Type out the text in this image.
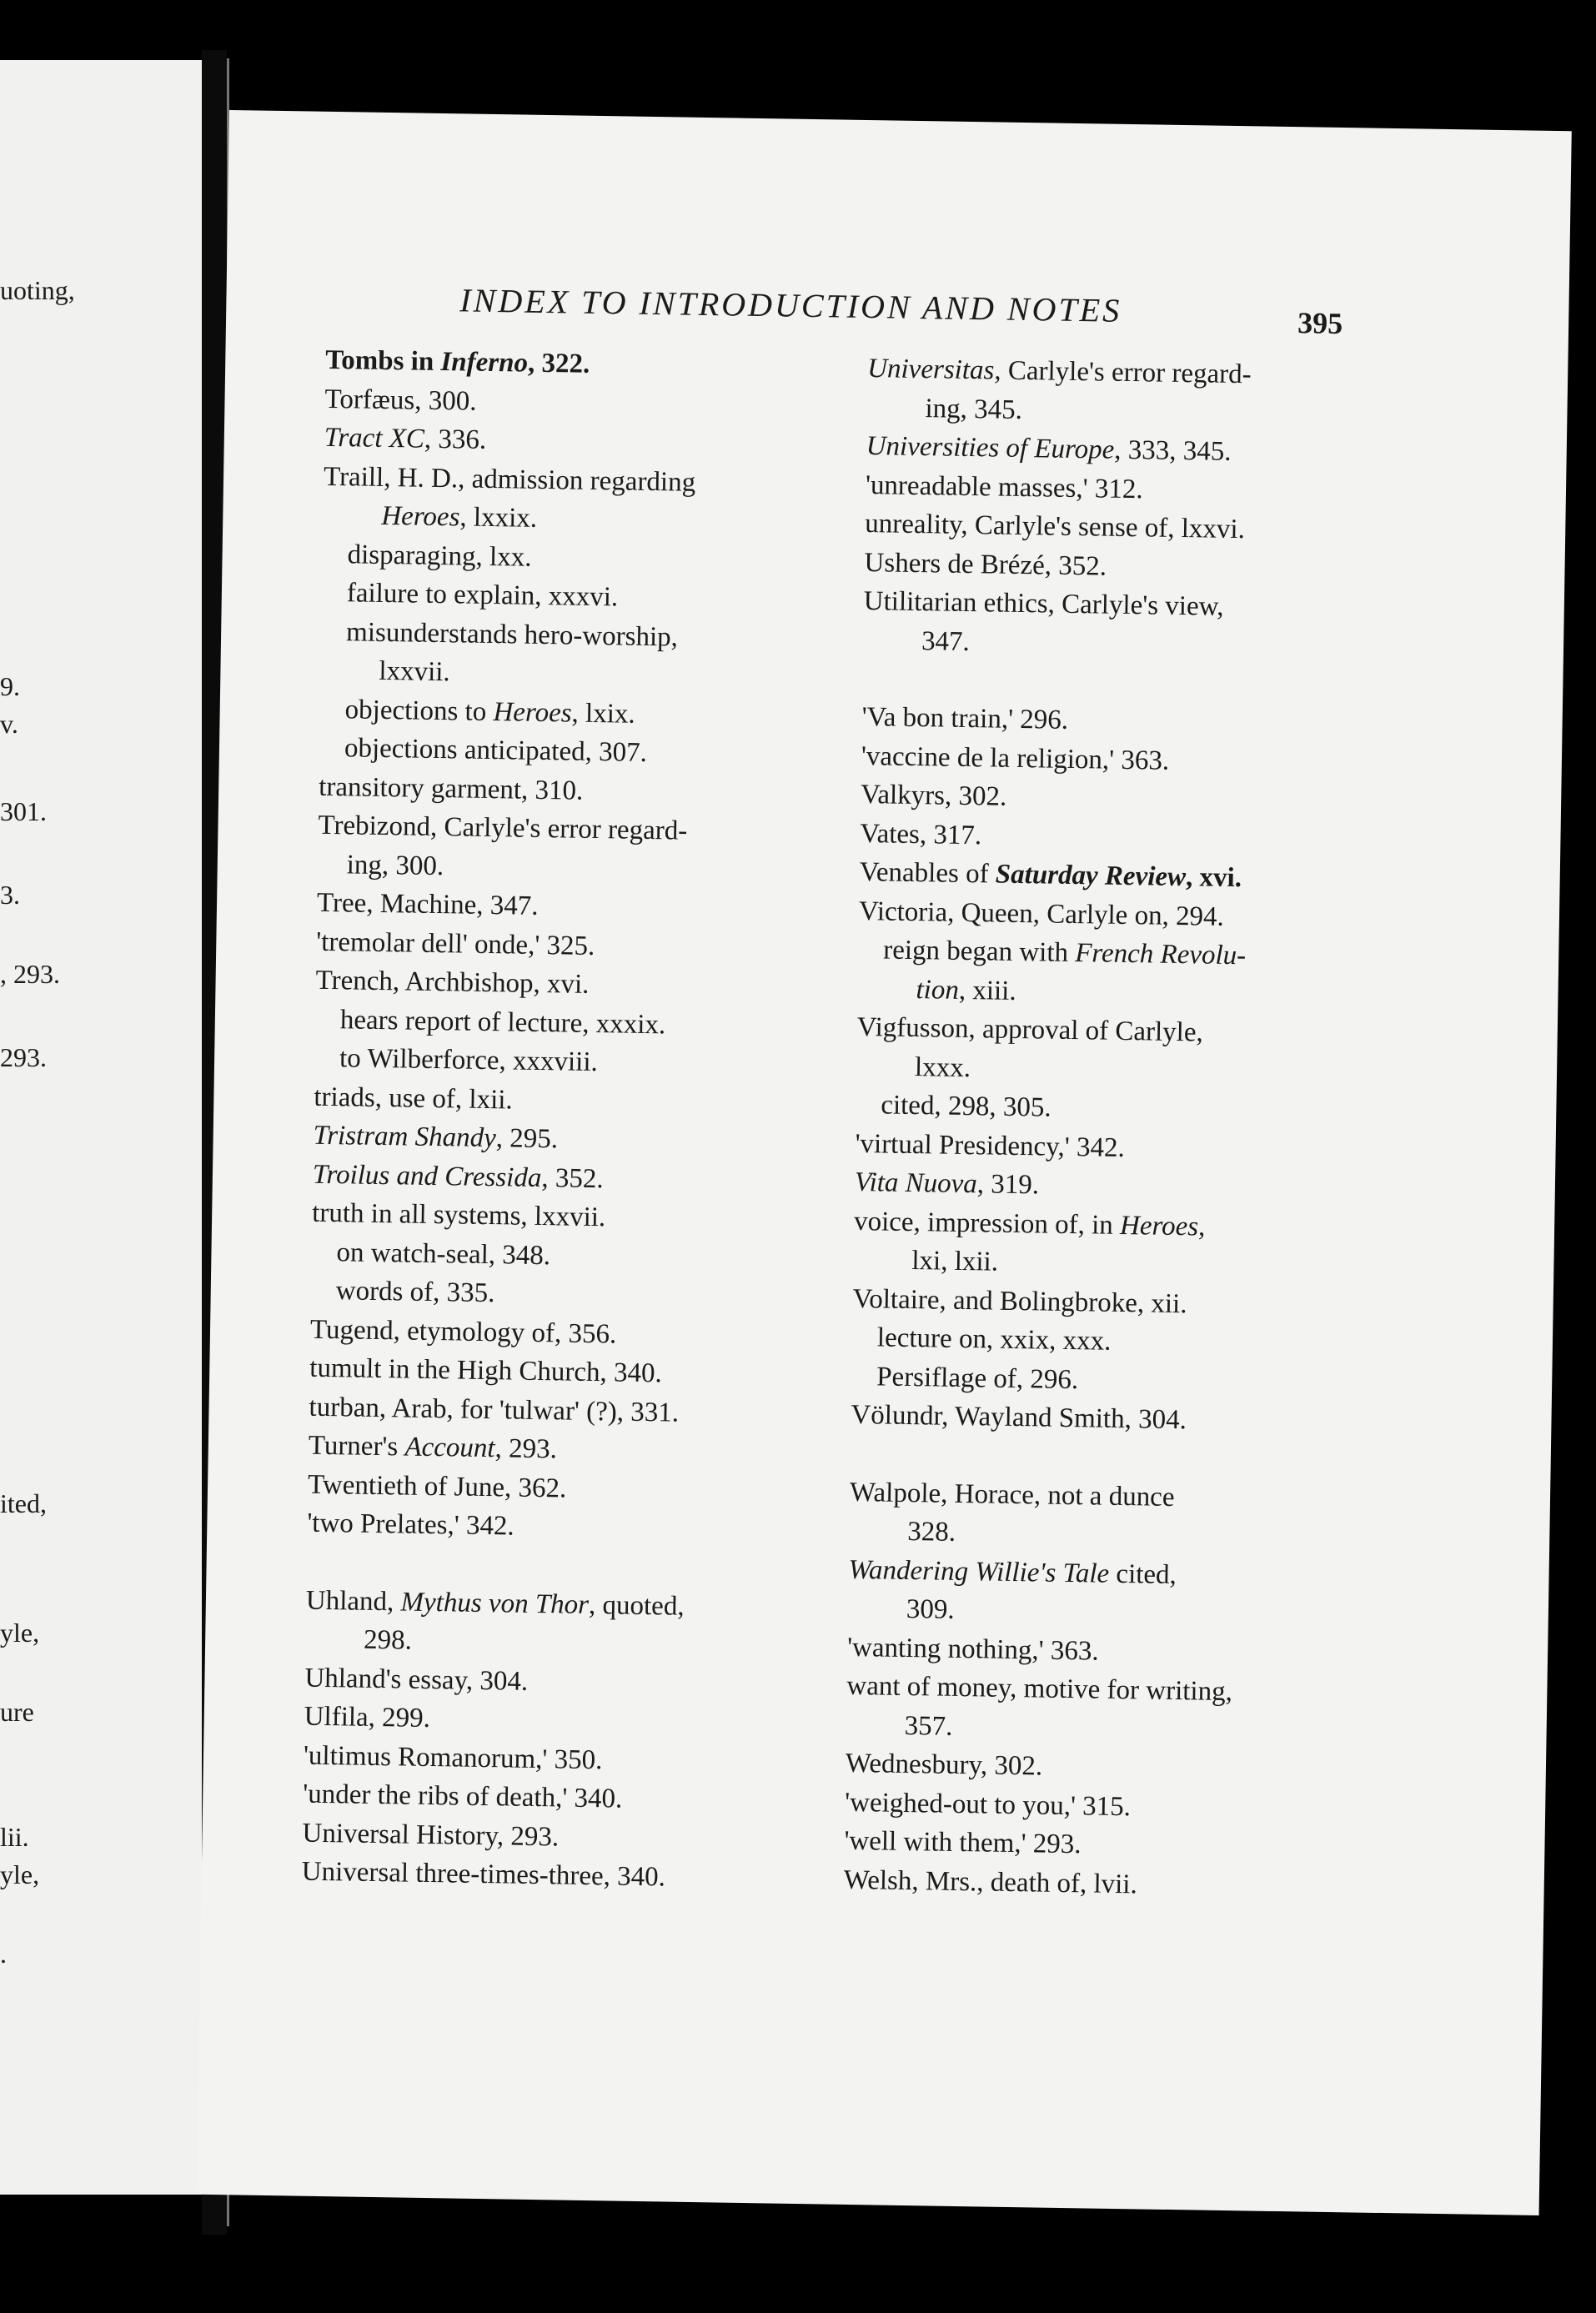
uoting,
9.
v.
301.
3.
, 293.
293.
ited,
yle,
ure
lii.
yle,
.
INDEX TO INTRODUCTION AND NOTES	395
Tombs in Inferno, 322.
Torfæus, 300.
Tract XC, 336.
Traill, H. D., admission regarding
Heroes, lxxix.
disparaging, lxx.
failure to explain, xxxvi.
misunderstands hero-worship,
lxxvii.
objections to Heroes, lxix.
objections anticipated, 307.
transitory garment, 310.
Trebizond, Carlyle's error regard-
ing, 300.
Tree, Machine, 347.
'tremolar dell' onde,' 325.
Trench, Archbishop, xvi.
hears report of lecture, xxxix.
to Wilberforce, xxxviii.
triads, use of, lxii.
Tristram Shandy, 295.
Troilus and Cressida, 352.
truth in all systems, lxxvii.
on watch-seal, 348.
words of, 335.
Tugend, etymology of, 356.
tumult in the High Church, 340.
turban, Arab, for 'tulwar' (?), 331.
Turner's Account, 293.
Twentieth of June, 362.
'two Prelates,' 342.
Uhland, Mythus von Thor, quoted,
298.
Uhland's essay, 304.
Ulfila, 299.
'ultimus Romanorum,' 350.
'under the ribs of death,' 340.
Universal History, 293.
Universal three-times-three, 340.
Universitas, Carlyle's error regard-
ing, 345.
Universities of Europe, 333, 345.
'unreadable masses,' 312.
unreality, Carlyle's sense of, lxxvi.
Ushers de Brézé, 352.
Utilitarian ethics, Carlyle's view,
347.
'Va bon train,' 296.
'vaccine de la religion,' 363.
Valkyrs, 302.
Vates, 317.
Venables of Saturday Review, xvi.
Victoria, Queen, Carlyle on, 294.
reign began with French Revolu-
tion, xiii.
Vigfusson, approval of Carlyle,
lxxx.
cited, 298, 305.
'virtual Presidency,' 342.
Vita Nuova, 319.
voice, impression of, in Heroes,
lxi, lxii.
Voltaire, and Bolingbroke, xii.
lecture on, xxix, xxx.
Persiflage of, 296.
Völundr, Wayland Smith, 304.
Walpole, Horace, not a dunce
328.
Wandering Willie's Tale cited,
309.
'wanting nothing,' 363.
want of money, motive for writing,
357.
Wednesbury, 302.
'weighed-out to you,' 315.
'well with them,' 293.
Welsh, Mrs., death of, lvii.
